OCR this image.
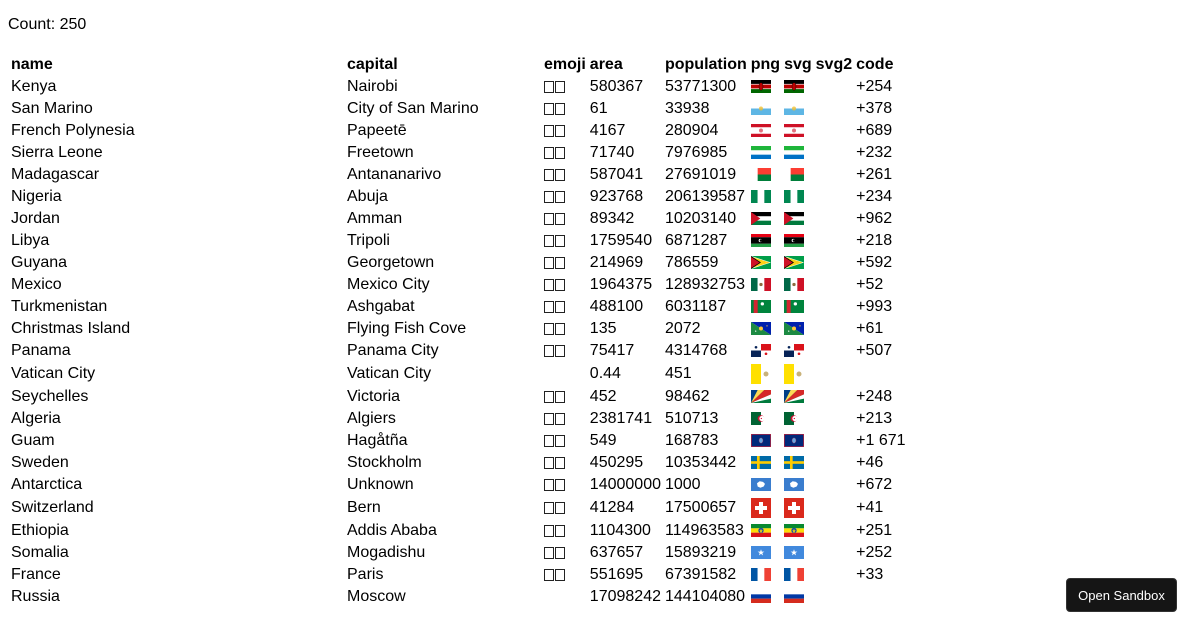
Count: 250
name	capital	emoji	area	population	png	svg	svg2	code
Kenya	Nairobi		580367	53771300				+254
San Marino	City of San Marino		61	33938				+378
French Polynesia	Papeetē		4167	280904				+689
Sierra Leone	Freetown		71740	7976985				+232
Madagascar	Antananarivo		587041	27691019				+261
Nigeria	Abuja		923768	206139587				+234
Jordan	Amman		89342	10203140				+962
Libya	Tripoli		1759540	6871287				+218
Guyana	Georgetown		214969	786559				+592
Mexico	Mexico City		1964375	128932753				+52
Turkmenistan	Ashgabat		488100	6031187				+993
Christmas Island	Flying Fish Cove		135	2072				+61
Panama	Panama City		75417	4314768				+507
Vatican City	Vatican City		0.44	451				
Seychelles	Victoria		452	98462				+248
Algeria	Algiers		2381741	510713				+213
Guam	Hagåtña		549	168783				+1 671
Sweden	Stockholm		450295	10353442				+46
Antarctica	Unknown		14000000	1000				+672
Switzerland	Bern		41284	17500657				+41
Ethiopia	Addis Ababa		1104300	114963583				+251
Somalia	Mogadishu		637657	15893219				+252
France	Paris		551695	67391582				+33
Russia	Moscow		17098242	144104080					Open Sandbox
